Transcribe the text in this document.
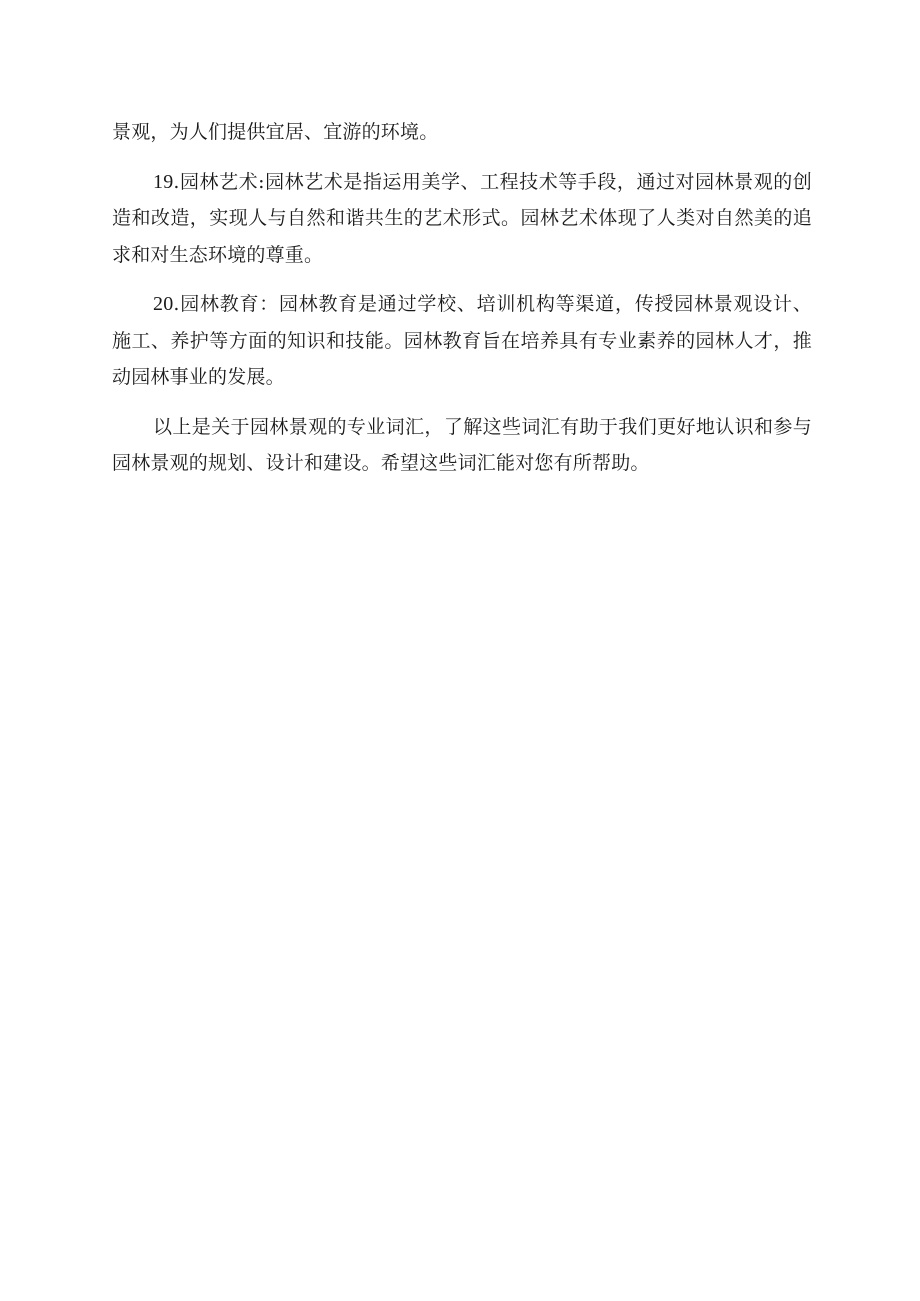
景观，为人们提供宜居、宜游的环境。

19.园林艺术:园林艺术是指运用美学、工程技术等手段，通过对园林景观的创造和改造，实现人与自然和谐共生的艺术形式。园林艺术体现了人类对自然美的追求和对生态环境的尊重。

20.园林教育：园林教育是通过学校、培训机构等渠道，传授园林景观设计、施工、养护等方面的知识和技能。园林教育旨在培养具有专业素养的园林人才，推动园林事业的发展。

以上是关于园林景观的专业词汇，了解这些词汇有助于我们更好地认识和参与园林景观的规划、设计和建设。希望这些词汇能对您有所帮助。
